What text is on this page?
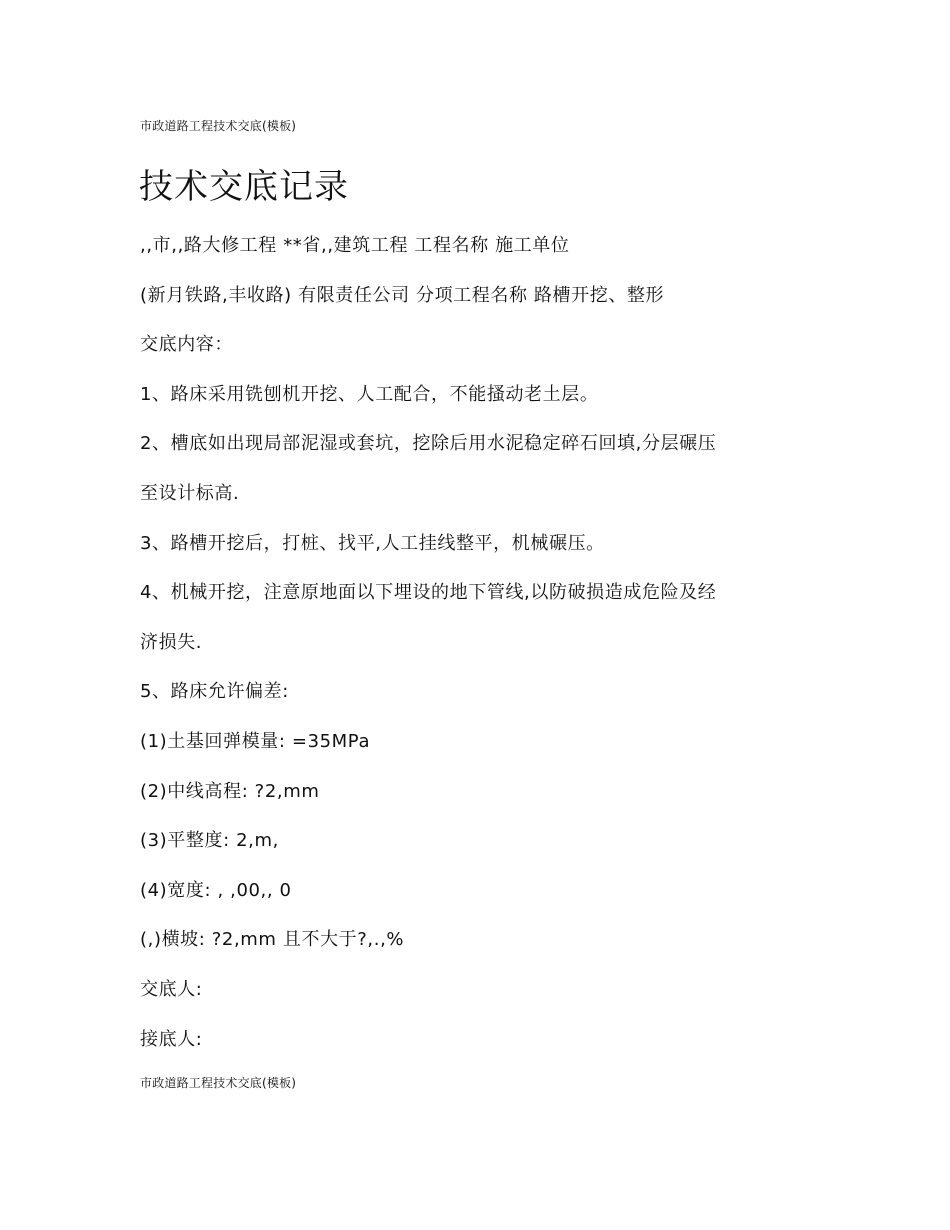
市政道路工程技术交底(模板)
技术交底记录
,,市,,路大修工程 **省,,建筑工程 工程名称 施工单位
(新月铁路,丰收路) 有限责任公司 分项工程名称 路槽开挖、整形
交底内容：
1、路床采用铣刨机开挖、人工配合，不能搔动老土层。
2、槽底如出现局部泥湿或套坑，挖除后用水泥稳定碎石回填,分层碾压
至设计标高.
3、路槽开挖后，打桩、找平,人工挂线整平，机械碾压。
4、机械开挖，注意原地面以下埋设的地下管线,以防破损造成危险及经
济损失.
5、路床允许偏差:
(1)土基回弹模量: =35MPa
(2)中线高程: ?2,mm
(3)平整度: 2,m,
(4)宽度: , ,00,, 0
(,)横坡: ?2,mm 且不大于?,.,%
交底人:
接底人:
市政道路工程技术交底(模板)
